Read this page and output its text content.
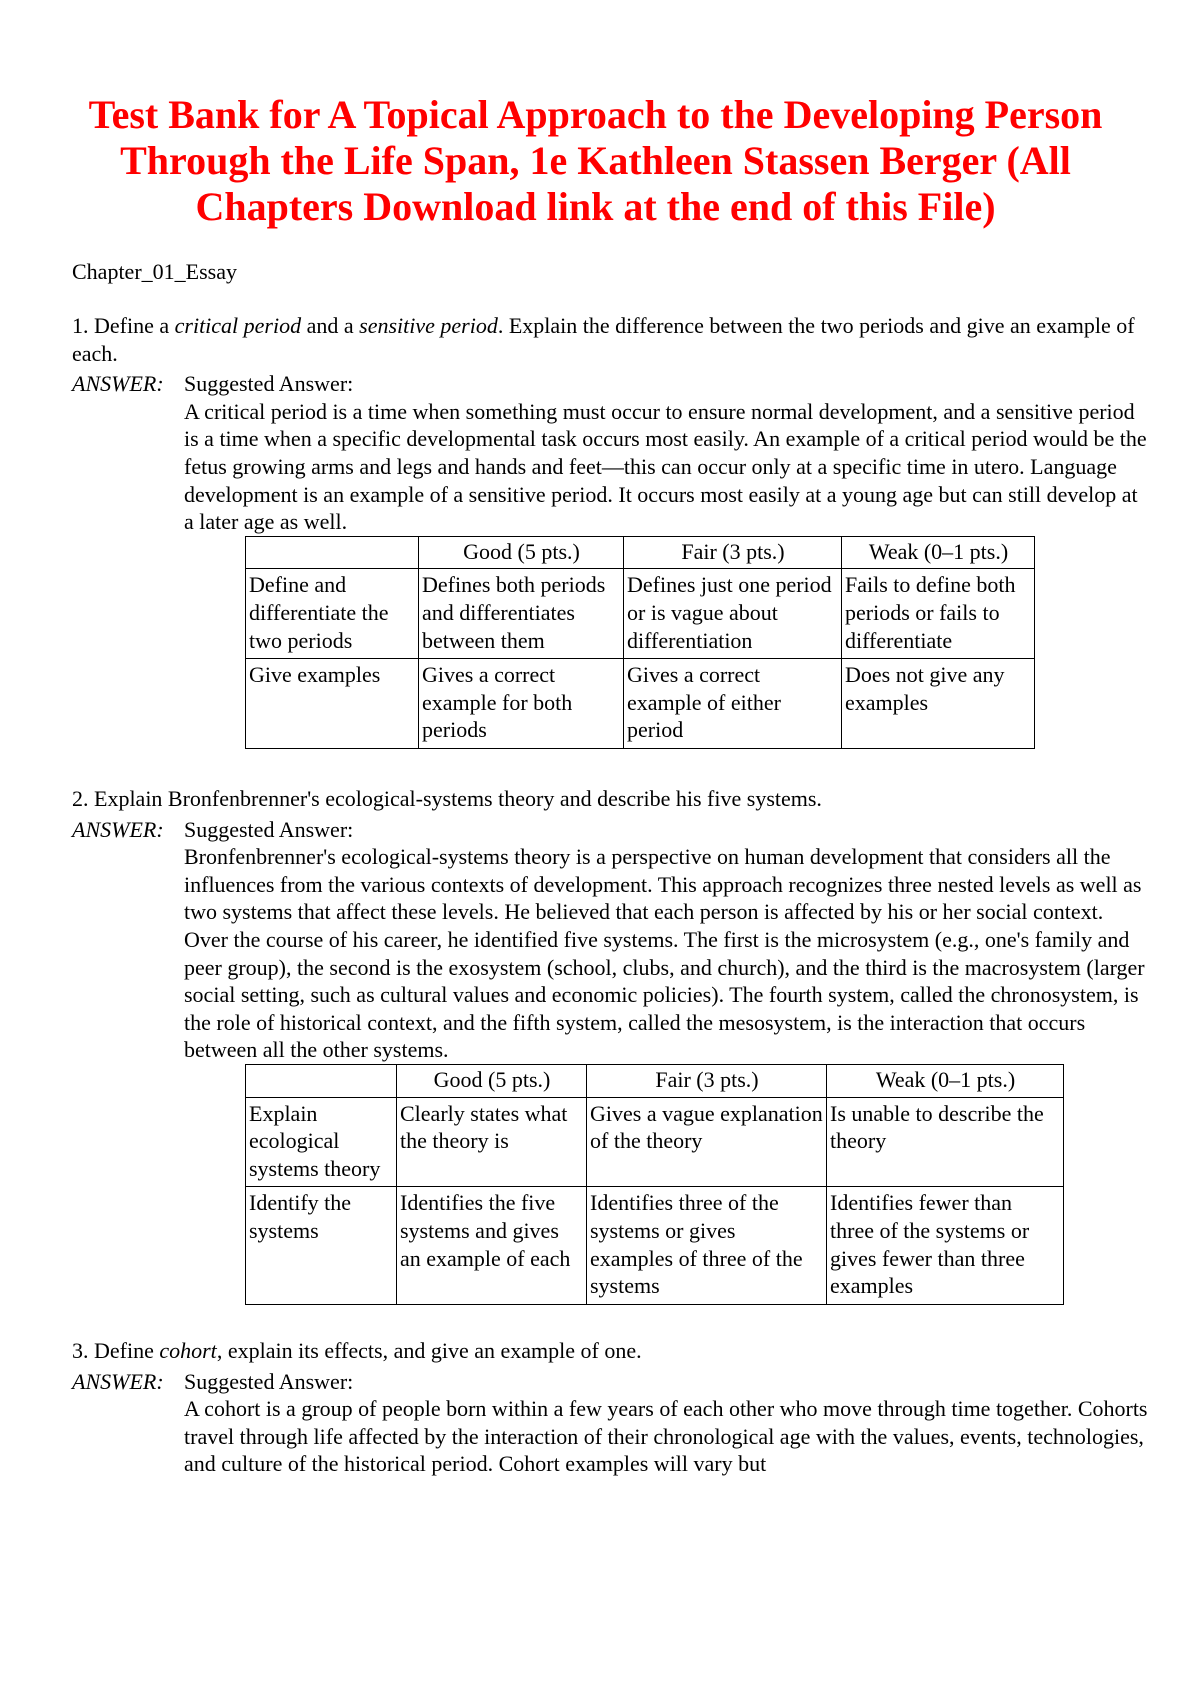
Test Bank for A Topical Approach to the Developing Person Through the Life Span, 1e Kathleen Stassen Berger (All Chapters Download link at the end of this File)
Chapter_01_Essay

1. Define a critical period and a sensitive period. Explain the difference between the two periods and give an example of each.

ANSWER: Suggested Answer:

A critical period is a time when something must occur to ensure normal development, and a sensitive period is a time when a specific developmental task occurs most easily. An example of a critical period would be the fetus growing arms and legs and hands and feet—this can occur only at a specific time in utero. Language development is an example of a sensitive period. It occurs most easily at a young age but can still develop at a later age as well.

	Good (5 pts.)	Fair (3 pts.)	Weak (0–1 pts.)
Define and differentiate the two periods	Defines both periods and differentiates between them	Defines just one period or is vague about differentiation	Fails to define both periods or fails to differentiate
Give examples	Gives a correct example for both periods	Gives a correct example of either period	Does not give any examples

2. Explain Bronfenbrenner's ecological-systems theory and describe his five systems.

ANSWER: Suggested Answer:

Bronfenbrenner's ecological-systems theory is a perspective on human development that considers all the influences from the various contexts of development. This approach recognizes three nested levels as well as two systems that affect these levels. He believed that each person is affected by his or her social context. Over the course of his career, he identified five systems. The first is the microsystem (e.g., one's family and peer group), the second is the exosystem (school, clubs, and church), and the third is the macrosystem (larger social setting, such as cultural values and economic policies). The fourth system, called the chronosystem, is the role of historical context, and the fifth system, called the mesosystem, is the interaction that occurs between all the other systems.

	Good (5 pts.)	Fair (3 pts.)	Weak (0–1 pts.)
Explain ecological systems theory	Clearly states what the theory is	Gives a vague explanation of the theory	Is unable to describe the theory
Identify the systems	Identifies the five systems and gives an example of each	Identifies three of the systems or gives examples of three of the systems	Identifies fewer than three of the systems or gives fewer than three examples

3. Define cohort, explain its effects, and give an example of one.

ANSWER: Suggested Answer:

A cohort is a group of people born within a few years of each other who move through time together. Cohorts travel through life affected by the interaction of their chronological age with the values, events, technologies, and culture of the historical period. Cohort examples will vary but
